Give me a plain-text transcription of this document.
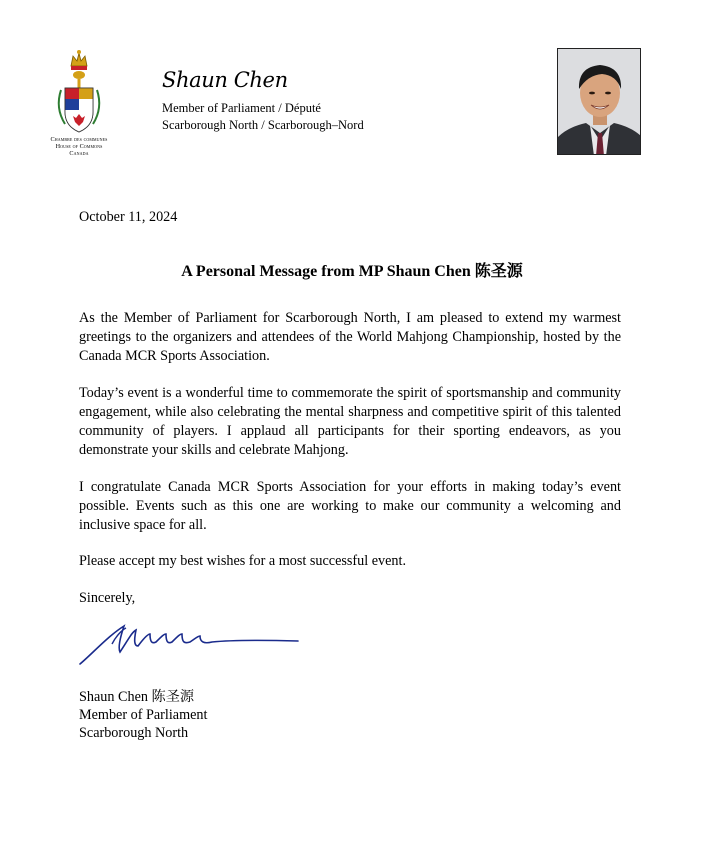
Chambre des communes
House of Commons
Canada
Shaun Chen
Member of Parliament / Député
Scarborough North / Scarborough–Nord
October 11, 2024
A Personal Message from MP Shaun Chen 陈圣源
As the Member of Parliament for Scarborough North, I am pleased to extend my warmest greetings to the organizers and attendees of the World Mahjong Championship, hosted by the Canada MCR Sports Association.
Today’s event is a wonderful time to commemorate the spirit of sportsmanship and community engagement, while also celebrating the mental sharpness and competitive spirit of this talented community of players. I applaud all participants for their sporting endeavors, as you demonstrate your skills and celebrate Mahjong.
I congratulate Canada MCR Sports Association for your efforts in making today’s event possible. Events such as this one are working to make our community a welcoming and inclusive space for all.
Please accept my best wishes for a most successful event.
Sincerely,
Shaun Chen 陈圣源
Member of Parliament
Scarborough North
